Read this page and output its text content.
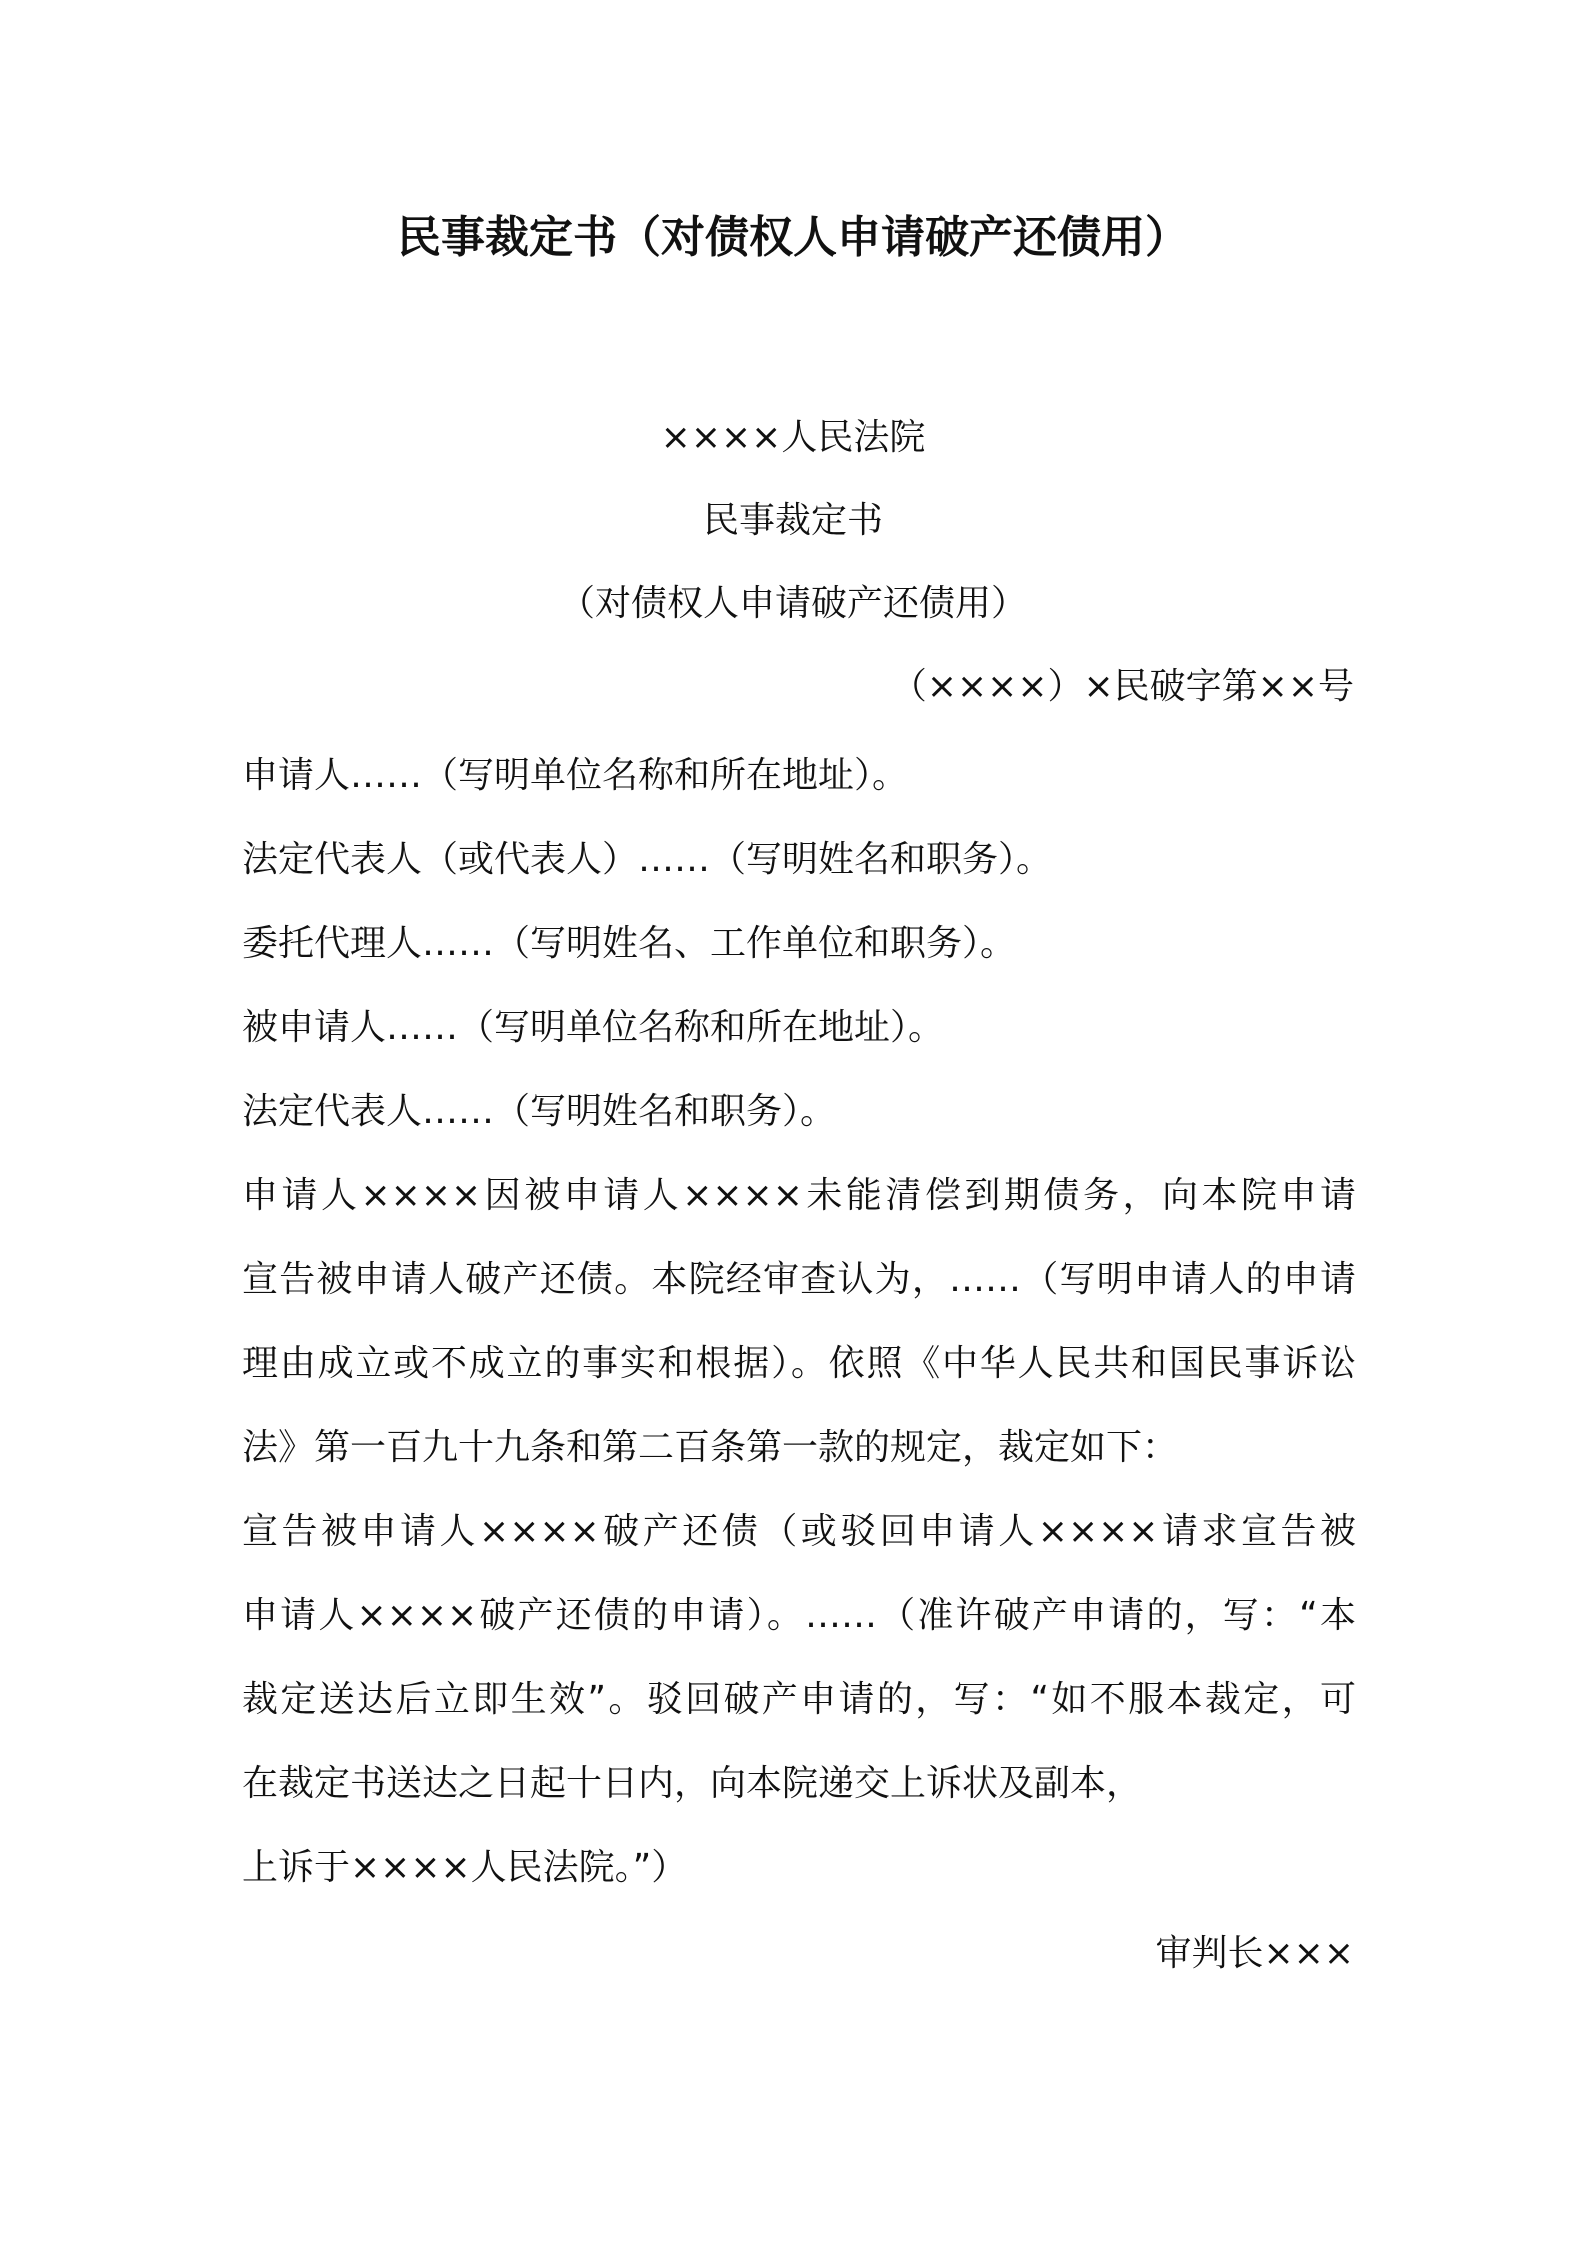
民事裁定书（对债权人申请破产还债用）
××××人民法院
民事裁定书
（对债权人申请破产还债用）
（××××）×民破字第××号
申请人……（写明单位名称和所在地址）。
法定代表人（或代表人）……（写明姓名和职务）。
委托代理人……（写明姓名、工作单位和职务）。
被申请人……（写明单位名称和所在地址）。
法定代表人……（写明姓名和职务）。
申请人××××因被申请人××××未能清偿到期债务，向本院申请
宣告被申请人破产还债。本院经审查认为，……（写明申请人的申请
理由成立或不成立的事实和根据）。依照《中华人民共和国民事诉讼
法》第一百九十九条和第二百条第一款的规定，裁定如下：
宣告被申请人××××破产还债（或驳回申请人××××请求宣告被
申请人××××破产还债的申请）。……（准许破产申请的，写：“本
裁定送达后立即生效”。驳回破产申请的，写：“如不服本裁定，可
在裁定书送达之日起十日内，向本院递交上诉状及副本，
上诉于××××人民法院。”）
审判长×××
